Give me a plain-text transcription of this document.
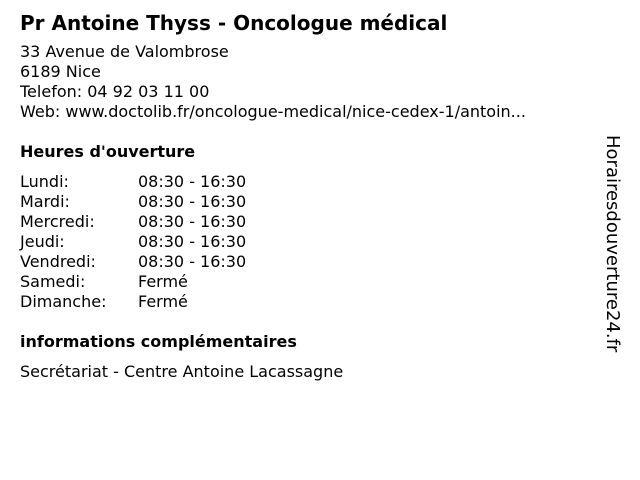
Pr Antoine Thyss - Oncologue médical
33 Avenue de Valombrose
6189 Nice
Telefon: 04 92 03 11 00
Web: www.doctolib.fr/oncologue-medical/nice-cedex-1/antoin...
Heures d'ouverture
Lundi:	08:30 - 16:30
Mardi:	08:30 - 16:30
Mercredi:	08:30 - 16:30
Jeudi:	08:30 - 16:30
Vendredi:	08:30 - 16:30
Samedi:	Fermé
Dimanche:	Fermé
informations complémentaires
Secrétariat - Centre Antoine Lacassagne
Horairesdouverture24.fr
